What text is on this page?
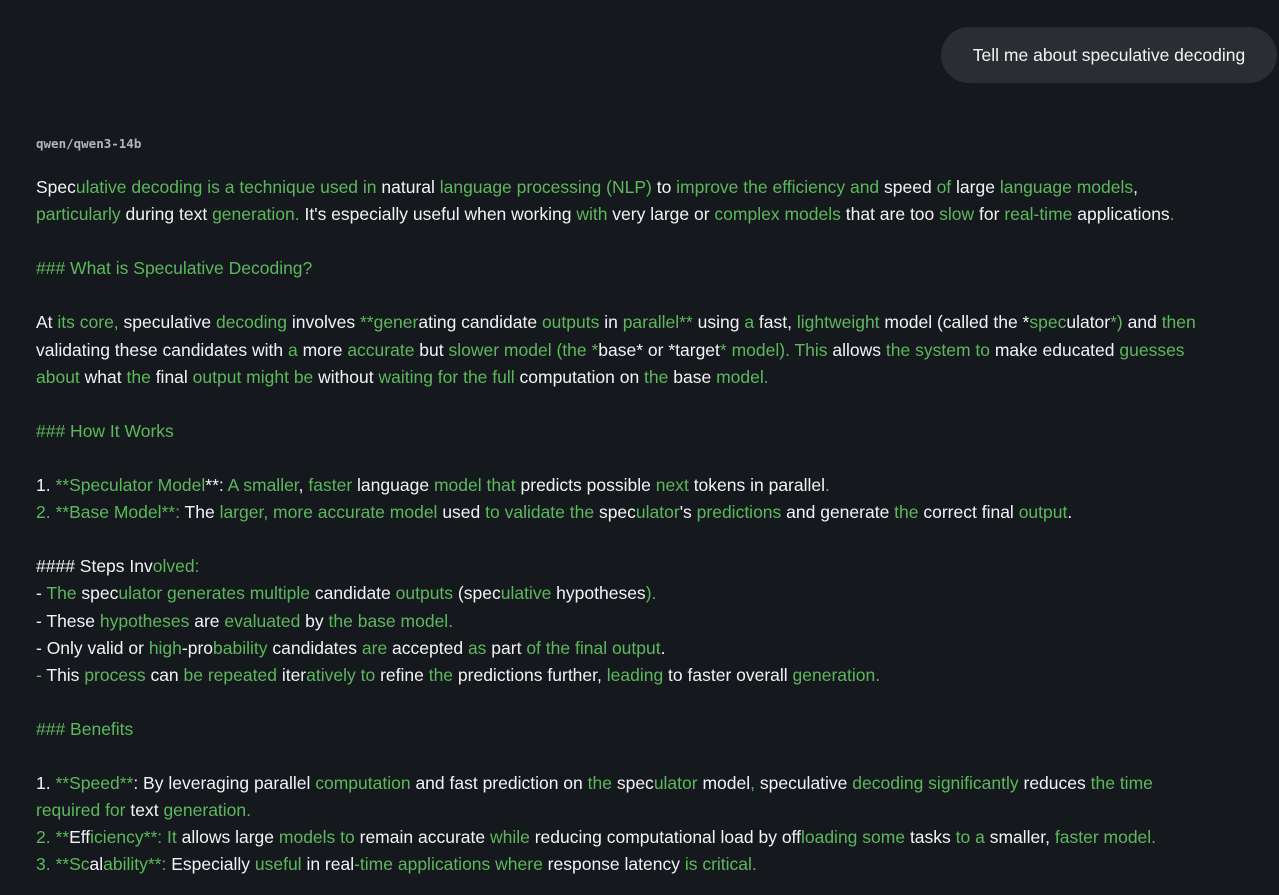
Tell me about speculative decoding
qwen/qwen3-14b
Speculative decoding is a technique used in natural language processing (NLP) to improve the efficiency and speed of large language models,
particularly during text generation. It's especially useful when working with very large or complex models that are too slow for real-time applications.
### What is Speculative Decoding?
At its core, speculative decoding involves **generating candidate outputs in parallel** using a fast, lightweight model (called the *speculator*) and then
validating these candidates with a more accurate but slower model (the *base* or *target* model). This allows the system to make educated guesses
about what the final output might be without waiting for the full computation on the base model.
### How It Works
1. **Speculator Model**: A smaller, faster language model that predicts possible next tokens in parallel.
2. **Base Model**: The larger, more accurate model used to validate the speculator's predictions and generate the correct final output.
#### Steps Involved:
- The speculator generates multiple candidate outputs (speculative hypotheses).
- These hypotheses are evaluated by the base model.
- Only valid or high-probability candidates are accepted as part of the final output.
- This process can be repeated iteratively to refine the predictions further, leading to faster overall generation.
### Benefits
1. **Speed**: By leveraging parallel computation and fast prediction on the speculator model, speculative decoding significantly reduces the time
required for text generation.
2. **Efficiency**: It allows large models to remain accurate while reducing computational load by offloading some tasks to a smaller, faster model.
3. **Scalability**: Especially useful in real-time applications where response latency is critical.
